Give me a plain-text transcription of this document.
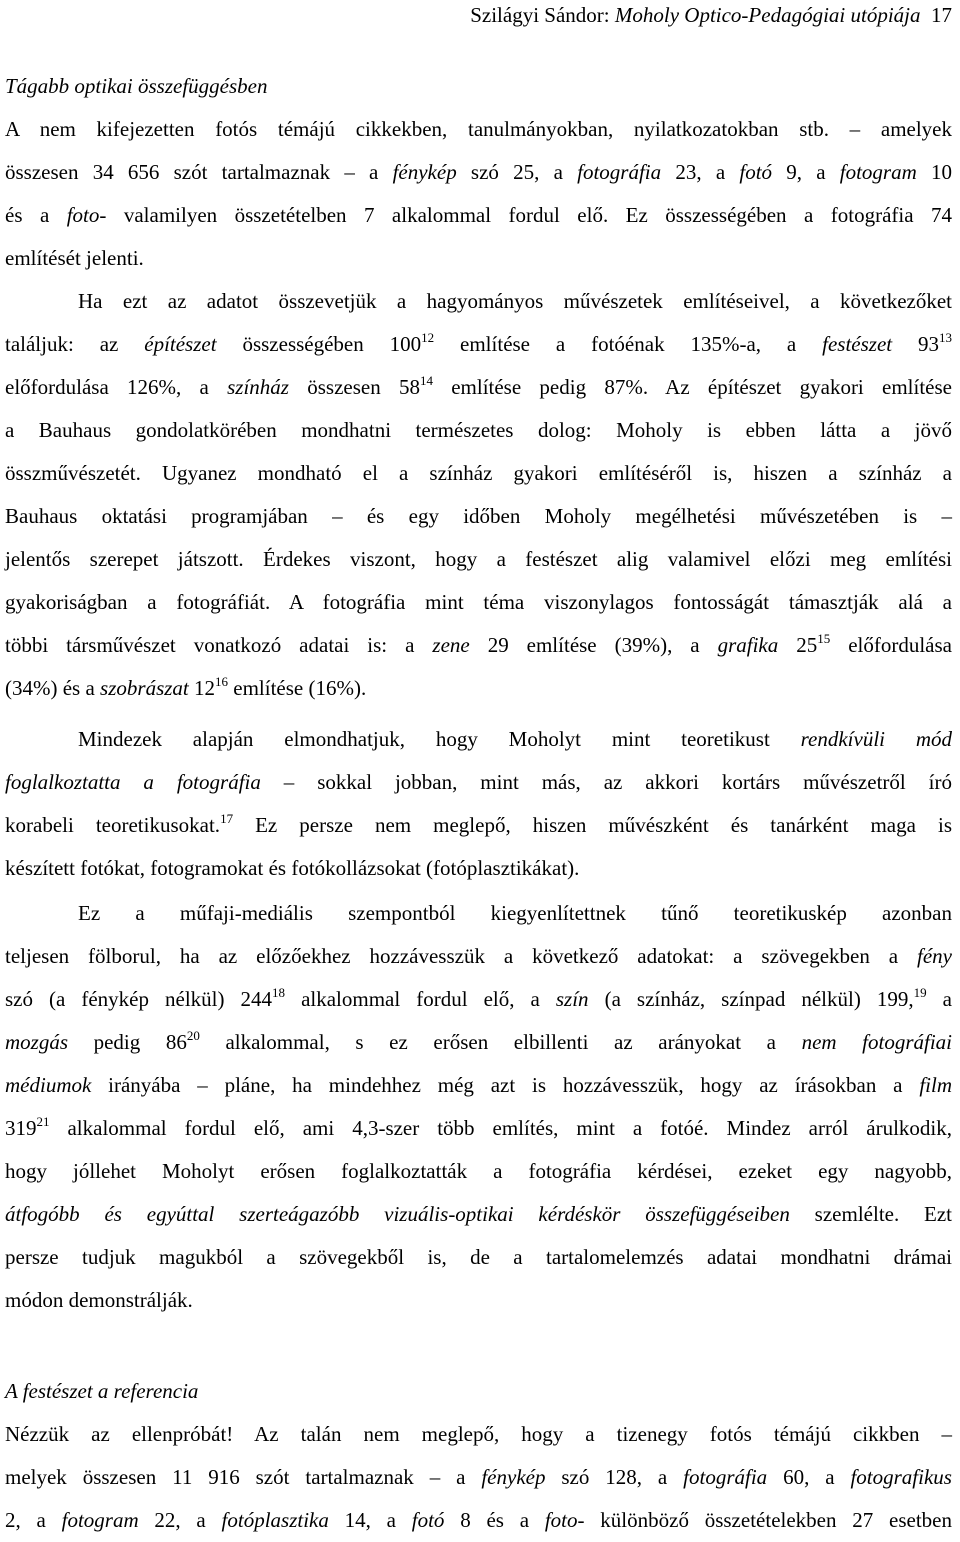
Szilágyi Sándor: Moholy Optico-Pedagógiai utópiája 17
Tágabb optikai összefüggésben
A nem kifejezetten fotós témájú cikkekben, tanulmányokban, nyilatkozatokban stb. – amelyek
összesen 34 656 szót tartalmaznak – a fénykép szó 25, a fotográfia 23, a fotó 9, a fotogram 10
és a foto- valamilyen összetételben 7 alkalommal fordul elő. Ez összességében a fotográfia 74
említését jelenti.
Ha ezt az adatot összevetjük a hagyományos művészetek említéseivel, a következőket
találjuk: az építészet összességében $100^{12}$ említése a fotóénak 135%-a, a festészet $93^{13}$
előfordulása 126%, a színház összesen $58^{14}$ említése pedig 87%. Az építészet gyakori említése
a Bauhaus gondolatkörében mondhatni természetes dolog: Moholy is ebben látta a jövő
összművészetét. Ugyanez mondható el a színház gyakori említéséről is, hiszen a színház a
Bauhaus oktatási programjában – és egy időben Moholy megélhetési művészetében is –
jelentős szerepet játszott. Érdekes viszont, hogy a festészet alig valamivel előzi meg említési
gyakoriságban a fotográfiát. A fotográfia mint téma viszonylagos fontosságát támasztják alá a
többi társművészet vonatkozó adatai is: a zene 29 említése (39%), a grafika $25^{15}$ előfordulása
(34%) és a szobrászat $12^{16}$ említése (16%).
Mindezek alapján elmondhatjuk, hogy Moholyt mint teoretikust rendkívüli mód
foglalkoztatta a fotográfia – sokkal jobban, mint más, az akkori kortárs művészetről író
korabeli teoretikusokat.$^{17}$ Ez persze nem meglepő, hiszen művészként és tanárként maga is
készített fotókat, fotogramokat és fotókollázsokat (fotóplasztikákat).
Ez a műfaji-mediális szempontból kiegyenlítettnek tűnő teoretikuskép azonban
teljesen fölborul, ha az előzőekhez hozzávesszük a következő adatokat: a szövegekben a fény
szó (a fénykép nélkül) $244^{18}$ alkalommal fordul elő, a szín (a színház, színpad nélkül) 199,19 a
mozgás pedig $86^{20}$ alkalommal, s ez erősen elbillenti az arányokat a nem fotográfiai
médiumok irányába – pláne, ha mindehhez még azt is hozzávesszük, hogy az írásokban a film
$319^{21}$ alkalommal fordul elő, ami 4,3-szer több említés, mint a fotóé. Mindez arról árulkodik,
hogy jóllehet Moholyt erősen foglalkoztatták a fotográfia kérdései, ezeket egy nagyobb,
átfogóbb és egyúttal szerteágazóbb vizuális-optikai kérdéskör összefüggéseiben szemlélte. Ezt
persze tudjuk magukból a szövegekből is, de a tartalomelemzés adatai mondhatni drámai
módon demonstrálják.
A festészet a referencia
Nézzük az ellenpróbát! Az talán nem meglepő, hogy a tizenegy fotós témájú cikkben –
melyek összesen 11 916 szót tartalmaznak – a fénykép szó 128, a fotográfia 60, a fotografikus
2, a fotogram 22, a fotóplasztika 14, a fotó 8 és a foto- különböző összetételekben 27 esetben
